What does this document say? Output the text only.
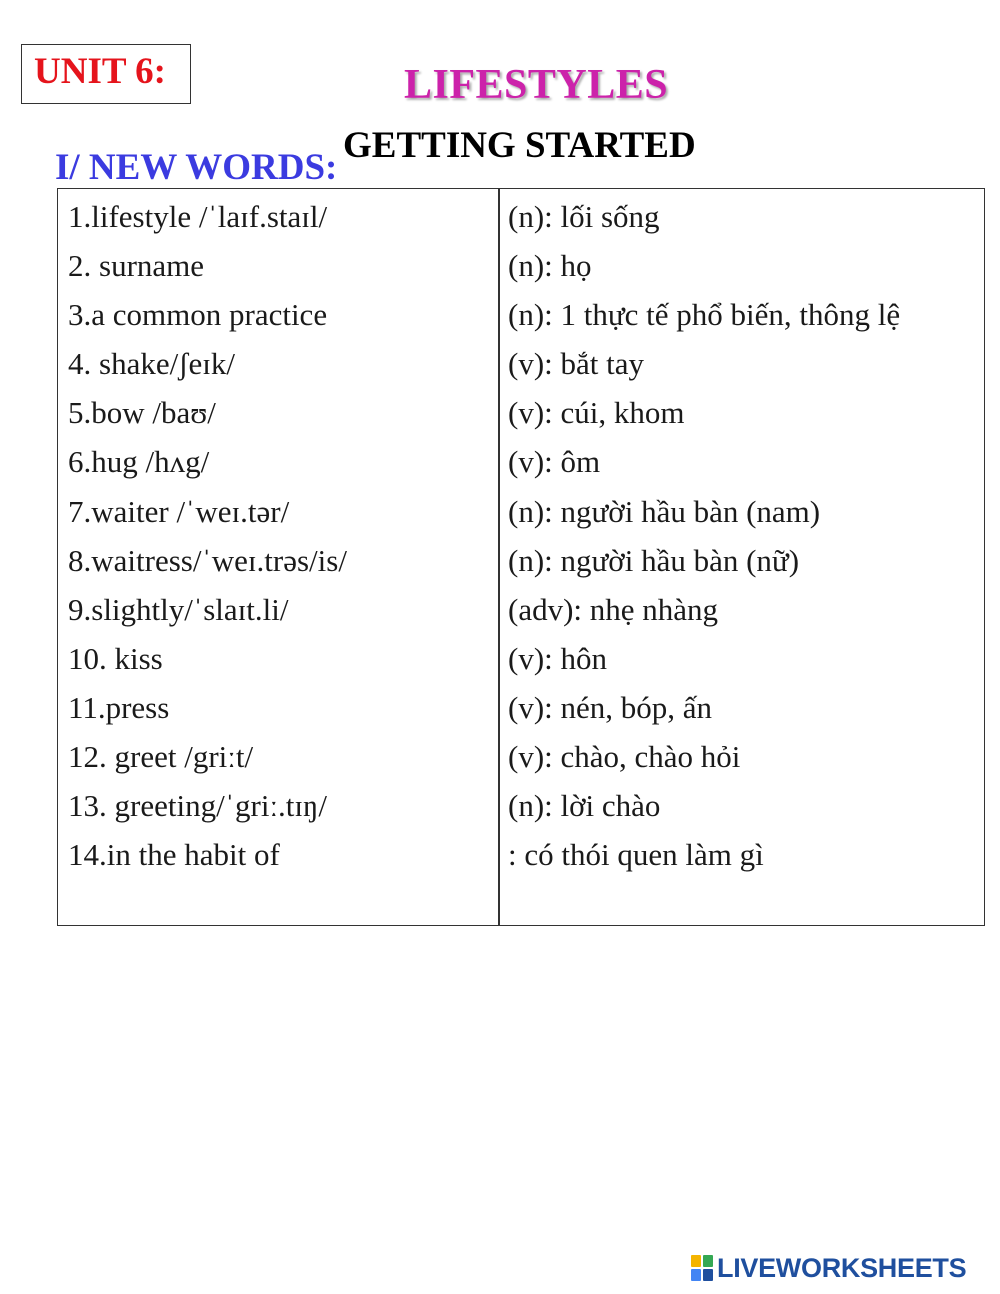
UNIT 6:	LIFESTYLES
GETTING STARTED
I/ NEW WORDS:
1.lifestyle /ˈlaɪf.staɪl/
2. surname
3.a common practice
4. shake/ʃeɪk/
5.bow /baʊ/
6.hug /hʌg/
7.waiter /ˈweɪ.tər/
8.waitress/ˈweɪ.trəs/is/
9.slightly/ˈslaɪt.li/
10. kiss
11.press
12. greet /griːt/
13. greeting/ˈgriː.tɪŋ/
14.in the habit of
(n): lối sống
(n): họ
(n): 1 thực tế phổ biến, thông lệ
(v): bắt tay
(v): cúi, khom
(v): ôm
(n): người hầu bàn (nam)
(n): người hầu bàn (nữ)
(adv): nhẹ nhàng
(v): hôn
(v): nén, bóp, ấn
(v): chào, chào hỏi
(n): lời chào
: có thói quen làm gì
LIVEWORKSHEETS
